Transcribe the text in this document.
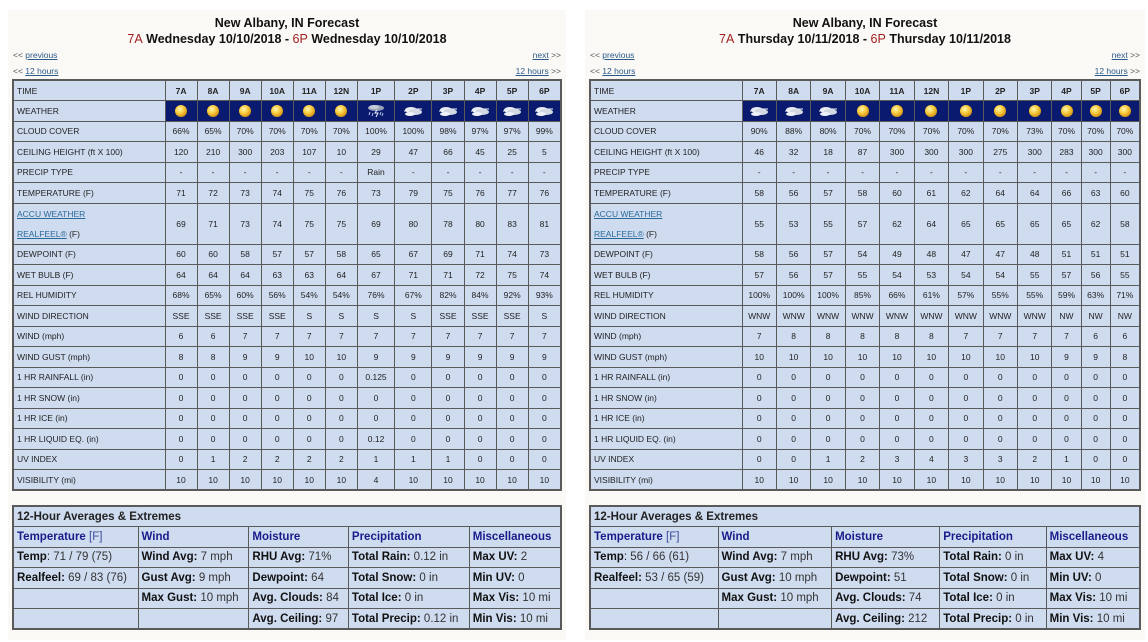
New Albany, IN Forecast
7A Wednesday 10/10/2018 - 6P Wednesday 10/10/2018
<< previous	next >>
<< 12 hours	12 hours >>
TIME	7A	8A	9A	10A	11A	12N	1P	2P	3P	4P	5P	6P
WEATHER												
CLOUD COVER	66%	65%	70%	70%	70%	70%	100%	100%	98%	97%	97%	99%
CEILING HEIGHT (ft X 100)	120	210	300	203	107	10	29	47	66	45	25	5
PRECIP TYPE	-	-	-	-	-	-	Rain	-	-	-	-	-
TEMPERATURE (F)	71	72	73	74	75	76	73	79	75	76	77	76
ACCU WEATHER
REALFEEL® (F)	69	71	73	74	75	75	69	80	78	80	83	81
DEWPOINT (F)	60	60	58	57	57	58	65	67	69	71	74	73
WET BULB (F)	64	64	64	63	63	64	67	71	71	72	75	74
REL HUMIDITY	68%	65%	60%	56%	54%	54%	76%	67%	82%	84%	92%	93%
WIND DIRECTION	SSE	SSE	SSE	SSE	S	S	S	S	SSE	SSE	SSE	S
WIND (mph)	6	6	7	7	7	7	7	7	7	7	7	7
WIND GUST (mph)	8	8	9	9	10	10	9	9	9	9	9	9
1 HR RAINFALL (in)	0	0	0	0	0	0	0.125	0	0	0	0	0
1 HR SNOW (in)	0	0	0	0	0	0	0	0	0	0	0	0
1 HR ICE (in)	0	0	0	0	0	0	0	0	0	0	0	0
1 HR LIQUID EQ. (in)	0	0	0	0	0	0	0.12	0	0	0	0	0
UV INDEX	0	1	2	2	2	2	1	1	1	0	0	0
VISIBILITY (mi)	10	10	10	10	10	10	4	10	10	10	10	10
12-Hour Averages & Extremes				
Temperature [F]	Wind	Moisture	Precipitation	Miscellaneous
Temp: 71 / 79 (75)	Wind Avg: 7 mph	RHU Avg: 71%	Total Rain: 0.12 in	Max UV: 2
Realfeel: 69 / 83 (76)	Gust Avg: 9 mph	Dewpoint: 64	Total Snow: 0 in	Min UV: 0
	Max Gust: 10 mph	Avg. Clouds: 84	Total Ice: 0 in	Max Vis: 10 mi
		Avg. Ceiling: 97	Total Precip: 0.12 in	Min Vis: 10 mi
New Albany, IN Forecast
7A Thursday 10/11/2018 - 6P Thursday 10/11/2018
<< previous	next >>
<< 12 hours	12 hours >>
TIME	7A	8A	9A	10A	11A	12N	1P	2P	3P	4P	5P	6P
WEATHER												
CLOUD COVER	90%	88%	80%	70%	70%	70%	70%	70%	73%	70%	70%	70%
CEILING HEIGHT (ft X 100)	46	32	18	87	300	300	300	275	300	283	300	300
PRECIP TYPE	-	-	-	-	-	-	-	-	-	-	-	-
TEMPERATURE (F)	58	56	57	58	60	61	62	64	64	66	63	60
ACCU WEATHER
REALFEEL® (F)	55	53	55	57	62	64	65	65	65	65	62	58
DEWPOINT (F)	58	56	57	54	49	48	47	47	48	51	51	51
WET BULB (F)	57	56	57	55	54	53	54	54	55	57	56	55
REL HUMIDITY	100%	100%	100%	85%	66%	61%	57%	55%	55%	59%	63%	71%
WIND DIRECTION	WNW	WNW	WNW	WNW	WNW	WNW	WNW	WNW	WNW	NW	NW	NW
WIND (mph)	7	8	8	8	8	8	7	7	7	7	6	6
WIND GUST (mph)	10	10	10	10	10	10	10	10	10	9	9	8
1 HR RAINFALL (in)	0	0	0	0	0	0	0	0	0	0	0	0
1 HR SNOW (in)	0	0	0	0	0	0	0	0	0	0	0	0
1 HR ICE (in)	0	0	0	0	0	0	0	0	0	0	0	0
1 HR LIQUID EQ. (in)	0	0	0	0	0	0	0	0	0	0	0	0
UV INDEX	0	0	1	2	3	4	3	3	2	1	0	0
VISIBILITY (mi)	10	10	10	10	10	10	10	10	10	10	10	10
12-Hour Averages & Extremes				
Temperature [F]	Wind	Moisture	Precipitation	Miscellaneous
Temp: 56 / 66 (61)	Wind Avg: 7 mph	RHU Avg: 73%	Total Rain: 0 in	Max UV: 4
Realfeel: 53 / 65 (59)	Gust Avg: 10 mph	Dewpoint: 51	Total Snow: 0 in	Min UV: 0
	Max Gust: 10 mph	Avg. Clouds: 74	Total Ice: 0 in	Max Vis: 10 mi
		Avg. Ceiling: 212	Total Precip: 0 in	Min Vis: 10 mi
